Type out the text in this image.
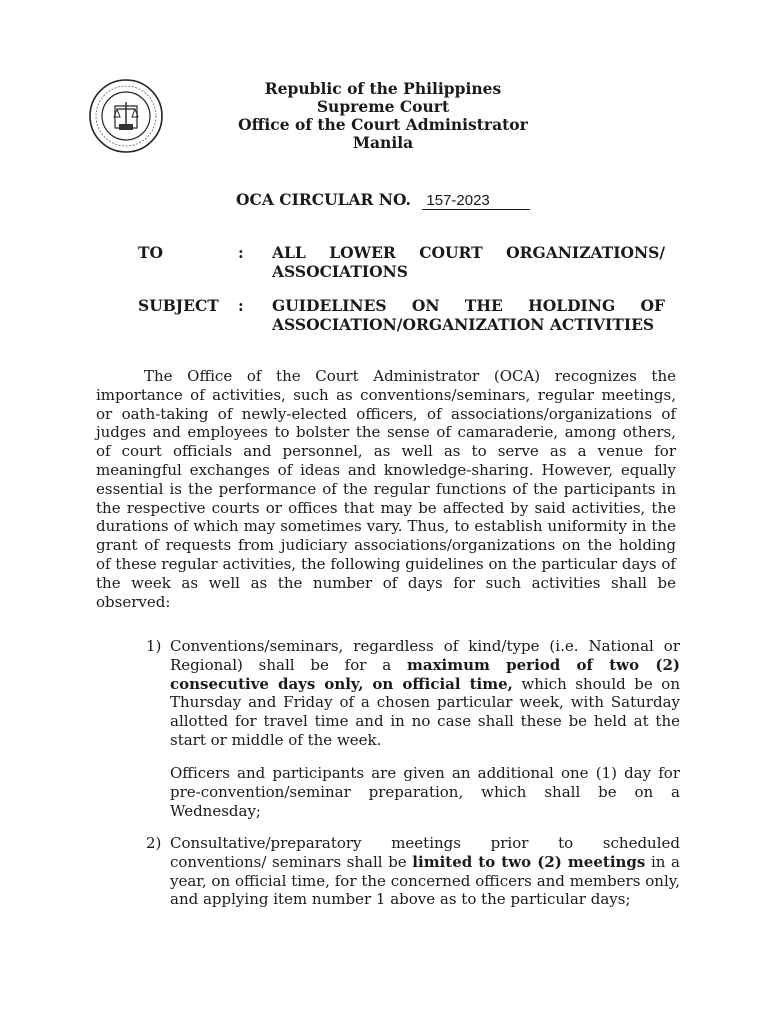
Republic of the Philippines
Supreme Court
Office of the Court Administrator
Manila
OCA CIRCULAR NO. 157-2023
TO	: ALL LOWER COURT ORGANIZATIONS/
ASSOCIATIONS
SUBJECT : GUIDELINES ON THE HOLDING OF
ASSOCIATION/ORGANIZATION ACTIVITIES
The Office of the Court Administrator (OCA) recognizes the importance of activities, such as conventions/seminars, regular meetings, or oath-taking of newly-elected officers, of associations/organizations of judges and employees to bolster the sense of camaraderie, among others, of court officials and personnel, as well as to serve as a venue for meaningful exchanges of ideas and knowledge-sharing. However, equally essential is the performance of the regular functions of the participants in the respective courts or offices that may be affected by said activities, the durations of which may sometimes vary. Thus, to establish uniformity in the grant of requests from judiciary associations/organizations on the holding of these regular activities, the following guidelines on the particular days of the week as well as the number of days for such activities shall be observed:
1) Conventions/seminars, regardless of kind/type (i.e. National or Regional) shall be for a maximum period of two (2) consecutive days only, on official time, which should be on Thursday and Friday of a chosen particular week, with Saturday allotted for travel time and in no case shall these be held at the start or middle of the week.
Officers and participants are given an additional one (1) day for pre-convention/seminar preparation, which shall be on a Wednesday;
2) Consultative/preparatory meetings prior to scheduled conventions/ seminars shall be limited to two (2) meetings in a year, on official time, for the concerned officers and members only, and applying item number 1 above as to the particular days;
